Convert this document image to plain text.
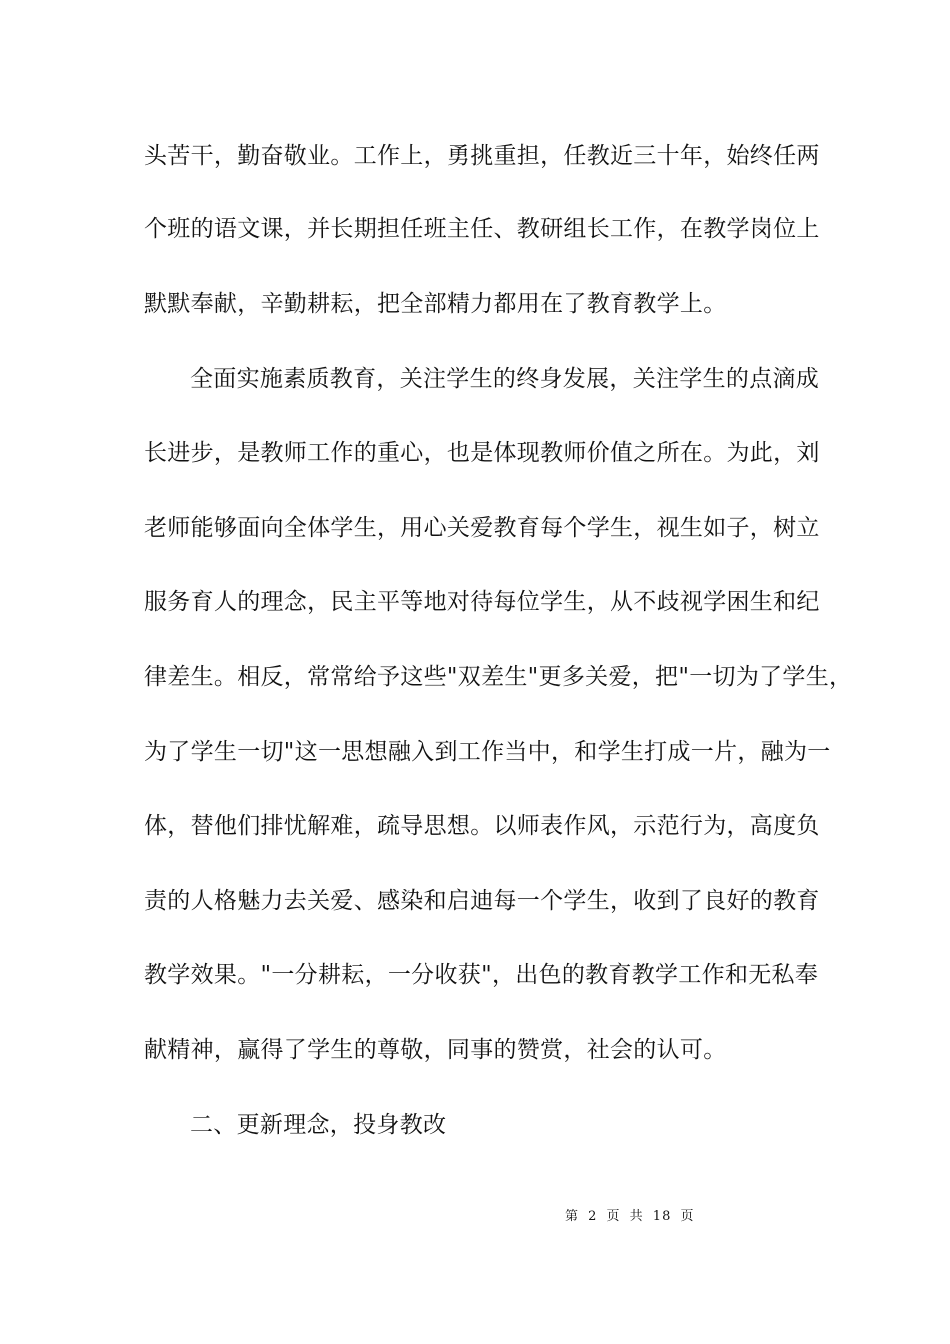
头苦干，勤奋敬业。工作上，勇挑重担，任教近三十年，始终任两
个班的语文课，并长期担任班主任、教研组长工作，在教学岗位上
默默奉献，辛勤耕耘，把全部精力都用在了教育教学上。
全面实施素质教育，关注学生的终身发展，关注学生的点滴成
长进步，是教师工作的重心，也是体现教师价值之所在。为此，刘
老师能够面向全体学生，用心关爱教育每个学生，视生如子，树立
服务育人的理念，民主平等地对待每位学生，从不歧视学困生和纪
律差生。相反，常常给予这些"双差生"更多关爱，把"一切为了学生，
为了学生一切"这一思想融入到工作当中，和学生打成一片，融为一
体，替他们排忧解难，疏导思想。以师表作风，示范行为，高度负
责的人格魅力去关爱、感染和启迪每一个学生，收到了良好的教育
教学效果。"一分耕耘，一分收获"，出色的教育教学工作和无私奉
献精神，赢得了学生的尊敬，同事的赞赏，社会的认可。
二、更新理念，投身教改
第 2 页 共 18 页
